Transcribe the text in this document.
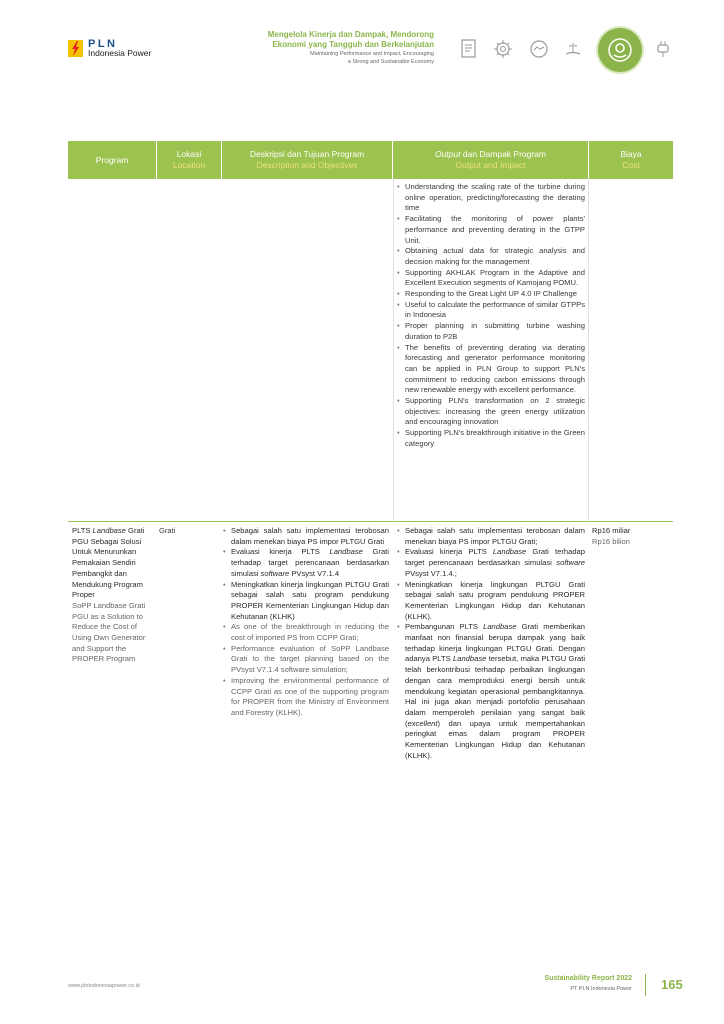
PLN
Indonesia Power
Mengelola Kinerja dan Dampak, Mendorong
Ekonomi yang Tangguh dan Berkelanjutan
Maintaining Performance and Impact, Encouraging
a Strong and Sustainable Economy
Program
Lokasi
Location
Deskripsi dan Tujuan Program
Description and Objectives
Output dan Dampak Program
Output and Impact
Biaya
Cost
• Understanding the scaling rate of the turbine during online operation, predicting/forecasting the derating time
• Facilitating the monitoring of power plants' performance and preventing derating in the GTPP Unit.
• Obtaining actual data for strategic analysis and decision making for the management
• Supporting AKHLAK Program in the Adaptive and Excellent Execution segments of Kamojang POMU.
• Responding to the Great Light UP 4.0 IP Challenge
• Useful to calculate the performance of similar GTPPs in Indonesia
• Proper planning in submitting turbine washing duration to P2B
• The benefits of preventing derating via derating forecasting and generator performance monitoring can be applied in PLN Group to support PLN's commitment to reducing carbon emissions through new renewable energy with excellent performance.
• Supporting PLN's transformation on 2 strategic objectives: increasing the green energy utilization and encouraging innovation
• Supporting PLN's breakthrough initiative in the Green category
PLTS Landbase Grati PGU Sebagai Solusi Untuk Menurunkan Pemakaian Sendiri Pembangkit dan Mendukung Program Proper
SoPP Landbase Grati PGU as a Solution to Reduce the Cost of Using Own Generator and Support the PROPER Program
Grati
•	Sebagai salah satu implementasi terobosan dalam menekan biaya PS impor PLTGU Grati
• Evaluasi kinerja PLTS Landbase Grati terhadap target perencanaan berdasarkan simulasi software PVsyst V7.1.4
• Meningkatkan kinerja lingkungan PLTGU Grati sebagai salah satu program pendukung PROPER Kementerian Lingkungan Hidup dan Kehutanan (KLHK)
• As one of the breakthrough in reducing the cost of imported PS from CCPP Grati;
• Performance evaluation of SoPP Landbase Grati to the target planning based on the PVsyst V7.1.4 software simulation;
• Improving the environmental performance of CCPP Grati as one of the supporting program for PROPER from the Ministry of Environment and Forestry (KLHK).
• Sebagai salah satu implementasi terobosan dalam menekan biaya PS impor PLTGU Grati;
• Evaluasi kinerja PLTS Landbase Grati terhadap target perencanaan berdasarkan simulasi software PVsyst V7.1.4.;
• Meningkatkan kinerja lingkungan PLTGU Grati sebagai salah satu program pendukung PROPER Kementerian Lingkungan Hidup dan Kehutanan (KLHK).
• Pembangunan PLTS Landbase Grati memberikan manfaat non finansial berupa dampak yang baik terhadap kinerja lingkungan PLTGU Grati. Dengan adanya PLTS Landbase tersebut, maka PLTGU Grati telah berkontribusi terhadap perbaikan lingkungan dengan cara memproduksi energi bersih untuk mendukung kegiatan operasional pembangkitannya. Hal ini juga akan menjadi portofolio perusahaan dalam memperoleh penilaian yang sangat baik (excellent) dan upaya untuk mempertahankan peringkat emas dalam program PROPER Kementerian Lingkungan Hidup dan Kehutanan (KLHK).
Rp16 miliar
Rp16 bilion
www.plnindonesiapower.co.id
Sustainability Report 2022
PT PLN Indonesia Power 165
